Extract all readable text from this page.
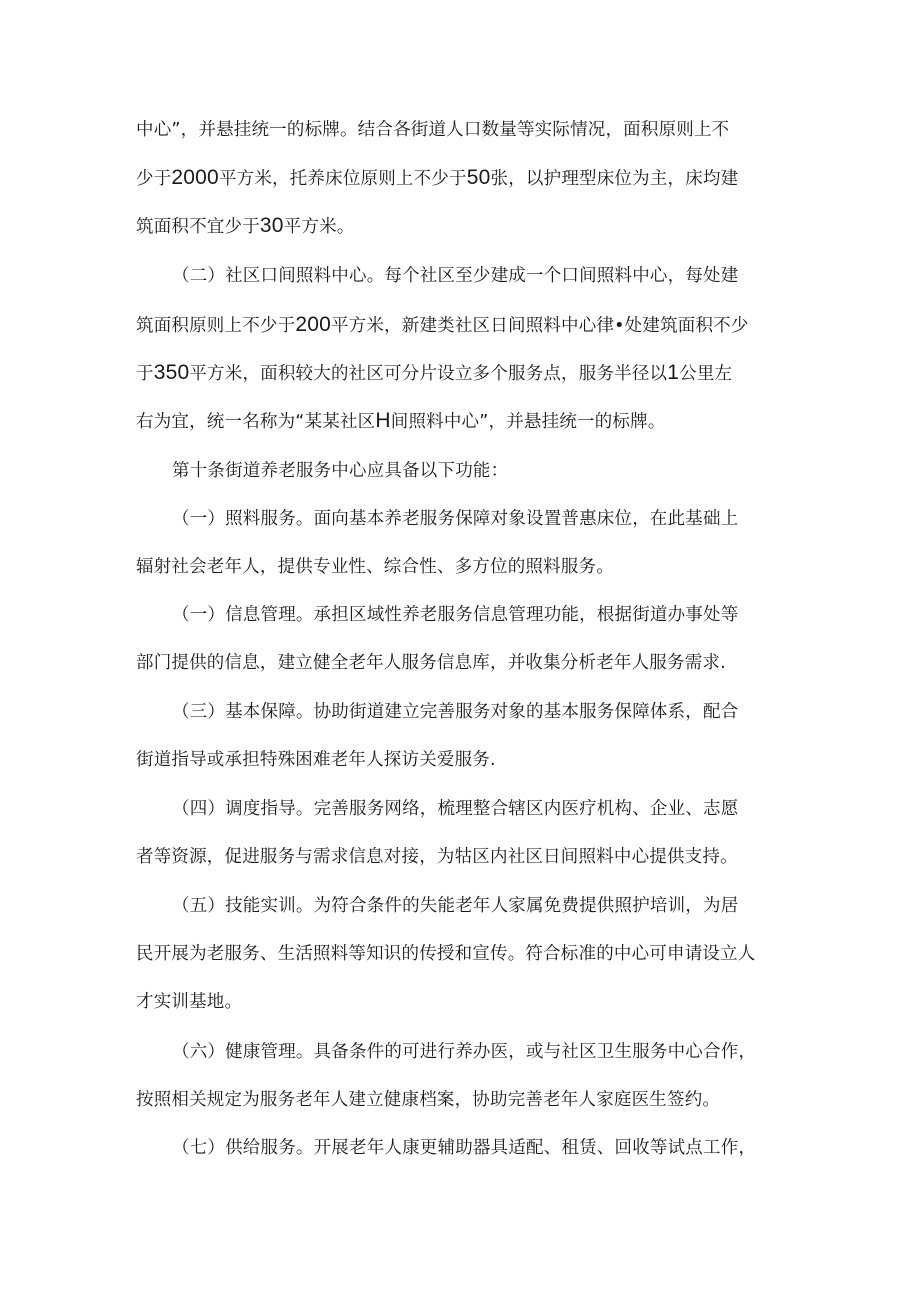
中心”，并悬挂统一的标牌。结合各街道人口数量等实际情况，面积原则上不
少于2000平方米，托养床位原则上不少于50张，以护理型床位为主，床均建
筑面积不宜少于30平方米。
（二）社区口间照料中心。每个社区至少建成一个口间照料中心，每处建
筑面积原则上不少于200平方米，新建类社区日间照料中心律•处建筑面积不少
于350平方米，面积较大的社区可分片设立多个服务点，服务半径以1公里左
右为宜，统一名称为“某某社区H间照料中心”，并悬挂统一的标牌。
第十条街道养老服务中心应具备以下功能：
（一）照料服务。面向基本养老服务保障对象设置普惠床位，在此基础上
辐射社会老年人，提供专业性、综合性、多方位的照料服务。
（一）信息管理。承担区域性养老服务信息管理功能，根据街道办事处等
部门提供的信息，建立健全老年人服务信息库，并收集分析老年人服务需求.
（三）基本保障。协助街道建立完善服务对象的基本服务保障体系，配合
街道指导或承担特殊困难老年人探访关爱服务.
（四）调度指导。完善服务网络，梳理整合辖区内医疗机构、企业、志愿
者等资源，促进服务与需求信息对接，为牯区内社区日间照料中心提供支持。
（五）技能实训。为符合条件的失能老年人家属免费提供照护培训，为居
民开展为老服务、生活照料等知识的传授和宣传。符合标准的中心可申请设立人
才实训基地。
（六）健康管理。具备条件的可进行养办医，或与社区卫生服务中心合作，
按照相关规定为服务老年人建立健康档案，协助完善老年人家庭医生签约。
（七）供给服务。开展老年人康更辅助器具适配、租赁、回收等试点工作，
